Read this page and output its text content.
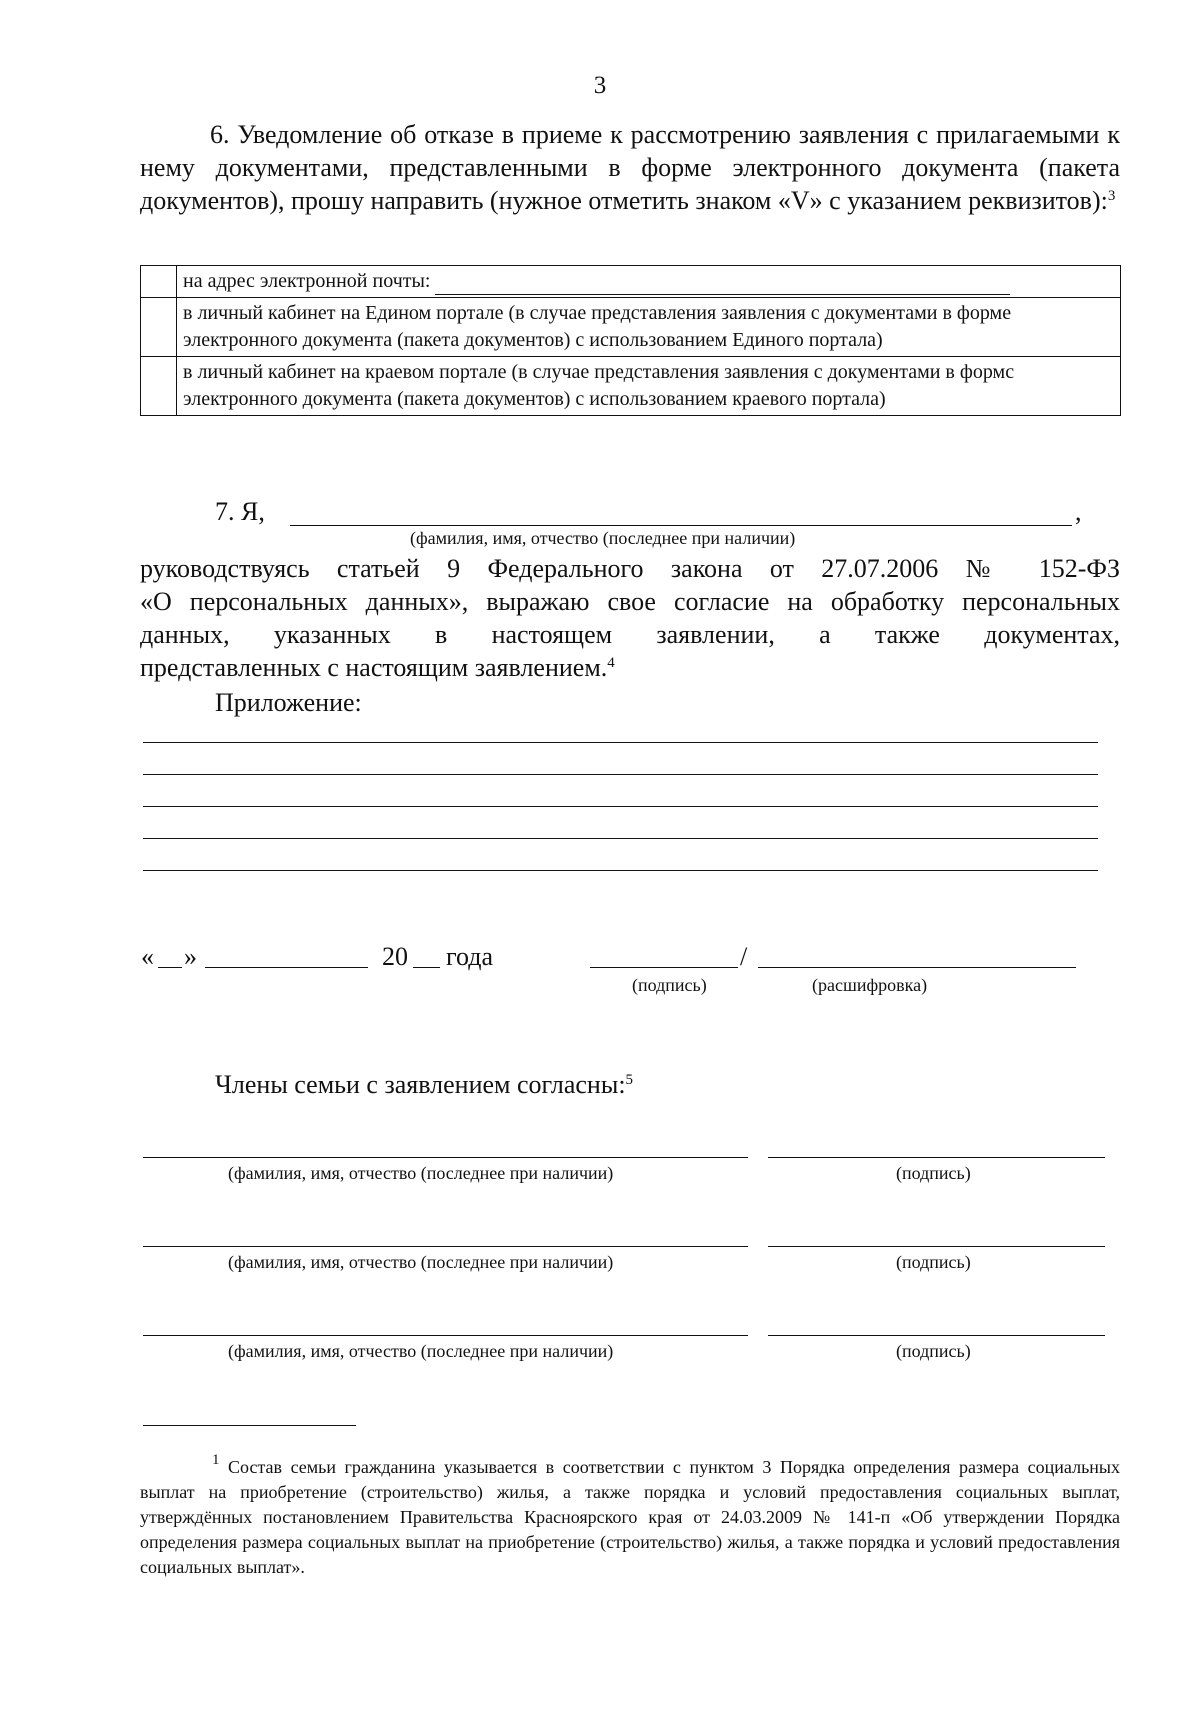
3
6. Уведомление об отказе в приеме к рассмотрению заявления с прилагаемыми к нему документами, представленными в форме электронного документа (пакета документов), прошу направить (нужное отметить знаком «V» с указанием реквизитов):$^3$
	на адрес электронной почты:
	в личный кабинет на Едином портале (в случае представления заявления с документами в форме электронного документа (пакета документов) с использованием Единого портала)
	в личный кабинет на краевом портале (в случае представления заявления с документами в формс электронного документа (пакета документов) с использованием краевого портала)
7. Я,	,
(фамилия, имя, отчество (последнее при наличии)
руководствуясь статьей 9 Федерального закона от 27.07.2006 № 152-ФЗ
«О персональных данных», выражаю свое согласие на обработку персональных
данных, указанных в настоящем заявлении, а также документах,
представленных с настоящим заявлением.$^4$
Приложение:
« »	20 года	/
(подпись)	(расшифровка)
Члены семьи с заявлением согласны:$^5$
(фамилия, имя, отчество (последнее при наличии)	(подпись)
(фамилия, имя, отчество (последнее при наличии)	(подпись)
(фамилия, имя, отчество (последнее при наличии)	(подпись)
$^1$ Состав семьи гражданина указывается в соответствии с пунктом 3 Порядка определения размера социальных выплат на приобретение (строительство) жилья, а также порядка и условий предоставления социальных выплат, утверждённых постановлением Правительства Красноярского края от 24.03.2009 № 141-п «Об утверждении Порядка определения размера социальных выплат на приобретение (строительство) жилья, а также порядка и условий предоставления социальных выплат».
